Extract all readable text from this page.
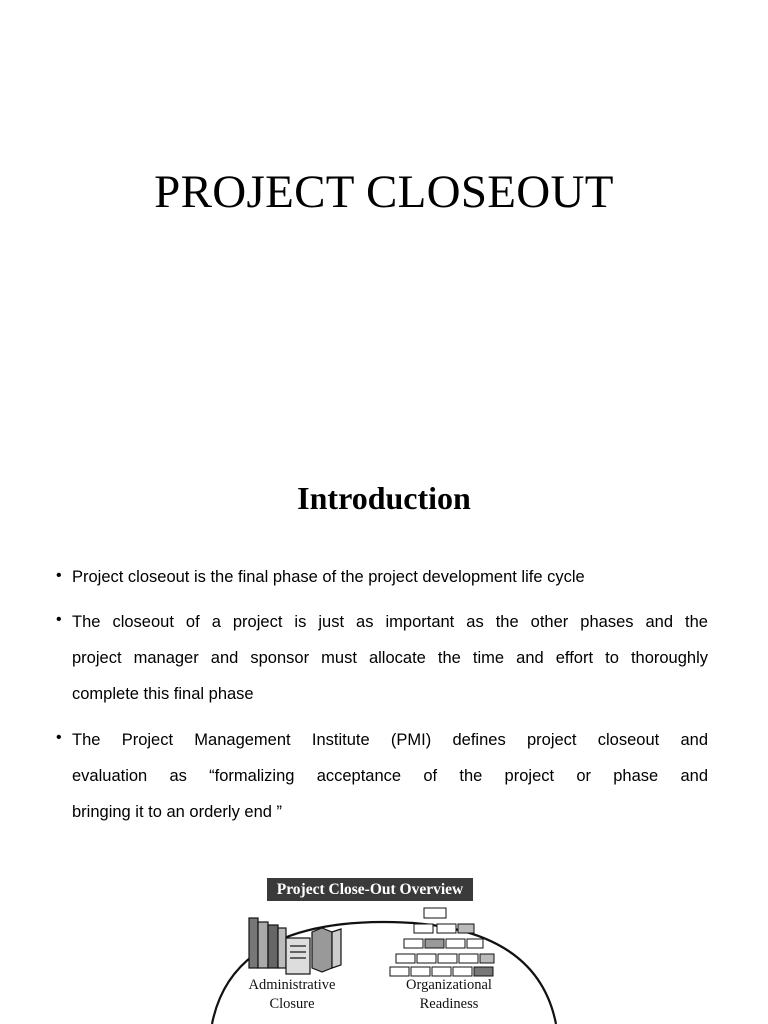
PROJECT CLOSEOUT
Introduction
• Project closeout is the final phase of the project development life cycle
• The closeout of a project is just as important as the other phases and the
project manager and sponsor must allocate the time and effort to thoroughly
complete this final phase
• The Project Management Institute (PMI) defines project closeout and
evaluation as “formalizing acceptance of the project or phase and
bringing it to an orderly end ”
Project Close-Out Overview
Administrative
Closure
Organizational
Readiness
